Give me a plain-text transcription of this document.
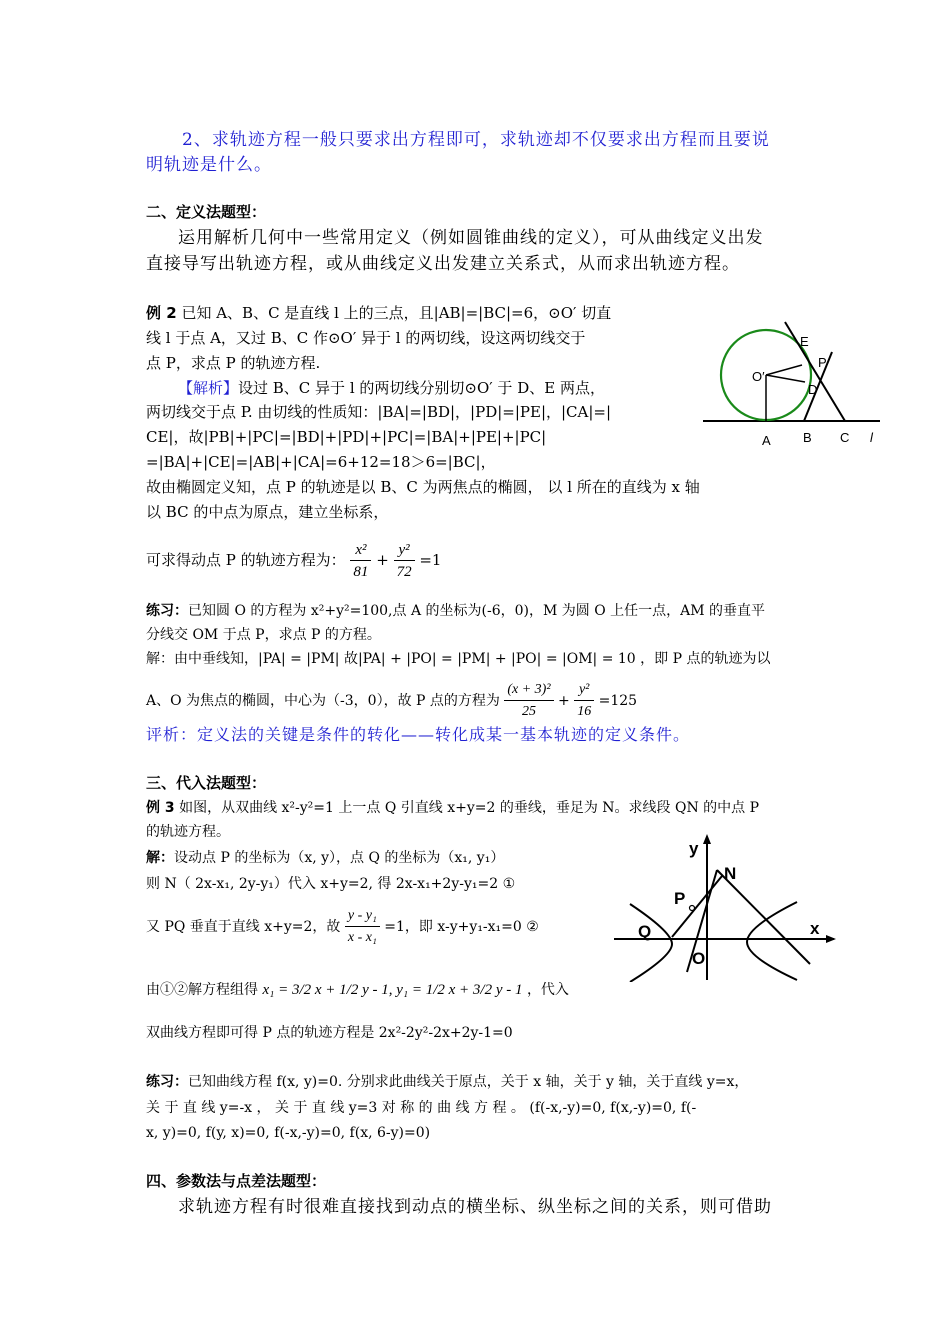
2、求轨迹方程一般只要求出方程即可，求轨迹却不仅要求出方程而且要说
明轨迹是什么。
二、定义法题型：
运用解析几何中一些常用定义（例如圆锥曲线的定义），可从曲线定义出发
直接导写出轨迹方程，或从曲线定义出发建立关系式，从而求出轨迹方程。
例 2 已知 A、B、C 是直线 l 上的三点，且|AB|=|BC|=6，⊙O′ 切直
线 l 于点 A，又过 B、C 作⊙O′ 异于 l 的两切线，设这两切线交于
点 P，求点 P 的轨迹方程.
【解析】设过 B、C 异于 l 的两切线分别切⊙O′ 于 D、E 两点，
两切线交于点 P. 由切线的性质知：|BA|=|BD|，|PD|=|PE|，|CA|=|
CE|，故|PB|+|PC|=|BD|+|PD|+|PC|=|BA|+|PE|+|PC|
=|BA|+|CE|=|AB|+|CA|=6+12=18＞6=|BC|，
故由椭圆定义知，点 P 的轨迹是以 B、C 为两焦点的椭圆， 以 l 所在的直线为 x 轴
以 BC 的中点为原点，建立坐标系，
可求得动点 P 的轨迹方程为： $\frac{\text{x²}}{81} + \frac{\text{y²}}{72} =1$
E
P
O′
D
A B C l
练习：已知圆 O 的方程为 x²+y²=100,点 A 的坐标为(-6，0)，M 为圆 O 上任一点，AM 的垂直平
分线交 OM 于点 P，求点 P 的方程。
解：由中垂线知，|PA| = |PM| 故|PA| + |PO| = |PM| + |PO| = |OM| = 10 ，即 P 点的轨迹为以
A、O 为焦点的椭圆，中心为（-3，0），故 P 点的方程为 $\frac{\text{(x + 3)²}}{25} + \frac{\text{y²}}{16} =125$
评析：定义法的关键是条件的转化——转化成某一基本轨迹的定义条件。
三、代入法题型：
例 3 如图，从双曲线 x²-y²=1 上一点 Q 引直线 x+y=2 的垂线，垂足为 N。求线段 QN 的中点 P
的轨迹方程。
解：设动点 P 的坐标为（x, y），点 Q 的坐标为（x₁, y₁）
则 N（ 2x-x₁, 2y-y₁）代入 x+y=2, 得 2x-x₁+2y-y₁=2 ①
又 PQ 垂直于直线 x+y=2，故 $\frac{\text{y - y₁}}{\text{x - x₁}} =1$，即 x-y+y₁-x₁=0 ②
由①②解方程组得 x₁ = 3/2 x + 1/2 y - 1, y₁ = 1/2 x + 3/2 y - 1 ，代入
双曲线方程即可得 P 点的轨迹方程是 2x²-2y²-2x+2y-1=0
y
N
P
Q
O
x
练习：已知曲线方程 f(x, y)=0. 分别求此曲线关于原点，关于 x 轴，关于 y 轴，关于直线 y=x，
关 于 直 线 y=-x ， 关 于 直 线 y=3 对 称 的 曲 线 方 程 。 (f(-x,-y)=0, f(x,-y)=0, f(-
x, y)=0, f(y, x)=0, f(-x,-y)=0, f(x, 6-y)=0)
四、参数法与点差法题型：
求轨迹方程有时很难直接找到动点的横坐标、纵坐标之间的关系，则可借助
